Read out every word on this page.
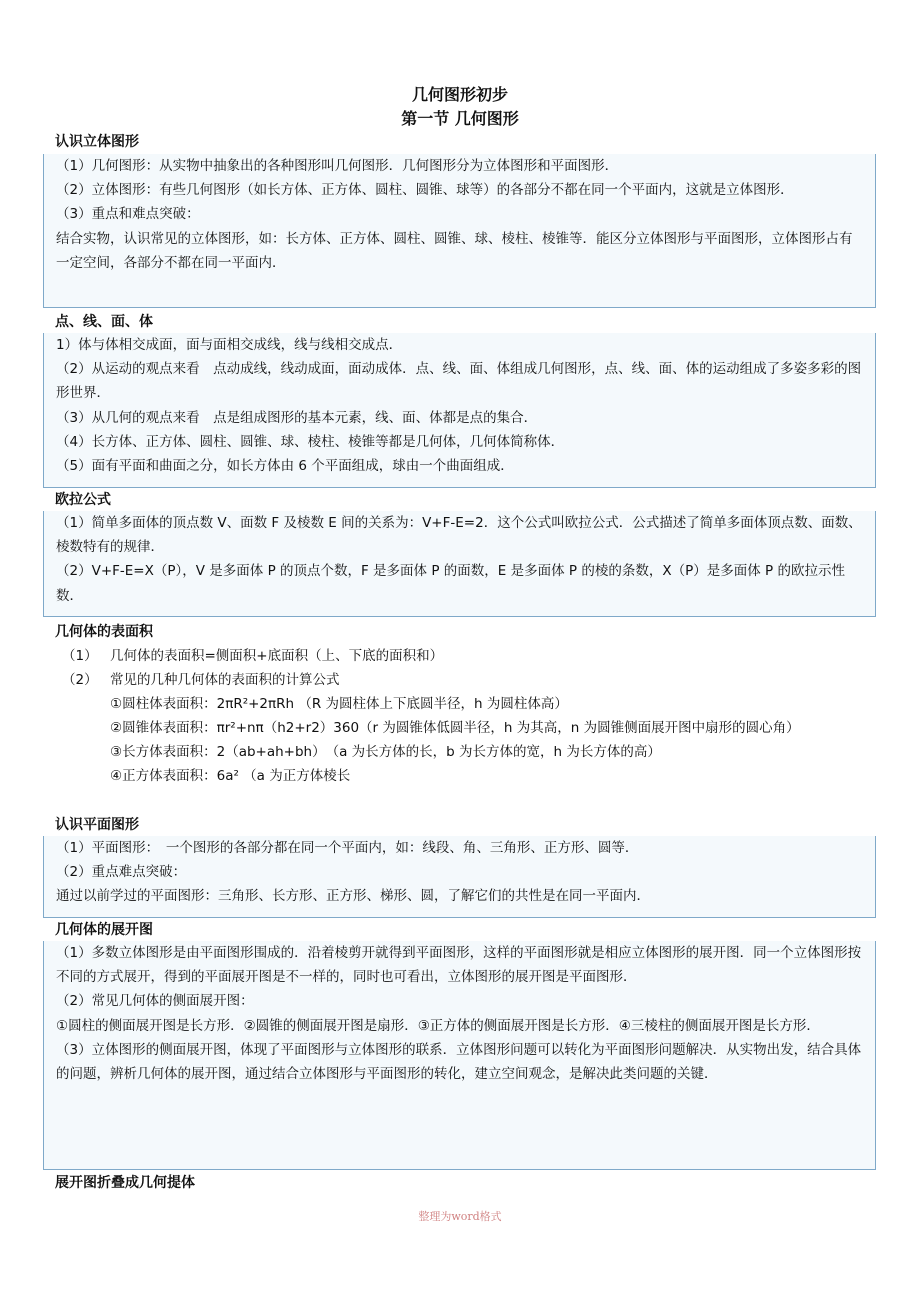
几何图形初步
第一节 几何图形
认识立体图形

（1）几何图形：从实物中抽象出的各种图形叫几何图形．几何图形分为立体图形和平面图形．

（2）立体图形：有些几何图形（如长方体、正方体、圆柱、圆锥、球等）的各部分不都在同一个平面内，这就是立体图形．

（3）重点和难点突破：

结合实物，认识常见的立体图形，如：长方体、正方体、圆柱、圆锥、球、棱柱、棱锥等．能区分立体图形与平面图形，立体图形占有一定空间，各部分不都在同一平面内．

点、线、面、体

1）体与体相交成面，面与面相交成线，线与线相交成点．

（2）从运动的观点来看　点动成线，线动成面，面动成体．点、线、面、体组成几何图形，点、线、面、体的运动组成了多姿多彩的图形世界．

（3）从几何的观点来看　点是组成图形的基本元素，线、面、体都是点的集合．

（4）长方体、正方体、圆柱、圆锥、球、棱柱、棱锥等都是几何体，几何体简称体．

（5）面有平面和曲面之分，如长方体由 6 个平面组成，球由一个曲面组成．

欧拉公式

（1）简单多面体的顶点数 V、面数 F 及棱数 E 间的关系为：V+F-E=2．这个公式叫欧拉公式．公式描述了简单多面体顶点数、面数、棱数特有的规律．

（2）V+F-E=X（P），V 是多面体 P 的顶点个数，F 是多面体 P 的面数，E 是多面体 P 的棱的条数，X（P）是多面体 P 的欧拉示性数．

几何体的表面积
（1） 几何体的表面积=侧面积+底面积（上、下底的面积和）
（2） 常见的几种几何体的表面积的计算公式
①圆柱体表面积：2πR²+2πRh （R 为圆柱体上下底圆半径，h 为圆柱体高）
②圆锥体表面积：πr²+nπ（h2+r2）360（r 为圆锥体低圆半径，h 为其高，n 为圆锥侧面展开图中扇形的圆心角）
③长方体表面积：2（ab+ah+bh）　（a 为长方体的长，b 为长方体的宽，h 为长方体的高）
④正方体表面积：6a² （a 为正方体棱长
认识平面图形

（1）平面图形：　一个图形的各部分都在同一个平面内，如：线段、角、三角形、正方形、圆等．

（2）重点难点突破：

通过以前学过的平面图形：三角形、长方形、正方形、梯形、圆，了解它们的共性是在同一平面内．

几何体的展开图

（1）多数立体图形是由平面图形围成的．沿着棱剪开就得到平面图形，这样的平面图形就是相应立体图形的展开图．同一个立体图形按不同的方式展开，得到的平面展开图是不一样的，同时也可看出，立体图形的展开图是平面图形．

（2）常见几何体的侧面展开图：

①圆柱的侧面展开图是长方形．②圆锥的侧面展开图是扇形．③正方体的侧面展开图是长方形．④三棱柱的侧面展开图是长方形．

（3）立体图形的侧面展开图，体现了平面图形与立体图形的联系．立体图形问题可以转化为平面图形问题解决．从实物出发，结合具体的问题，辨析几何体的展开图，通过结合立体图形与平面图形的转化，建立空间观念，是解决此类问题的关键．

展开图折叠成几何提体
整理为word格式
